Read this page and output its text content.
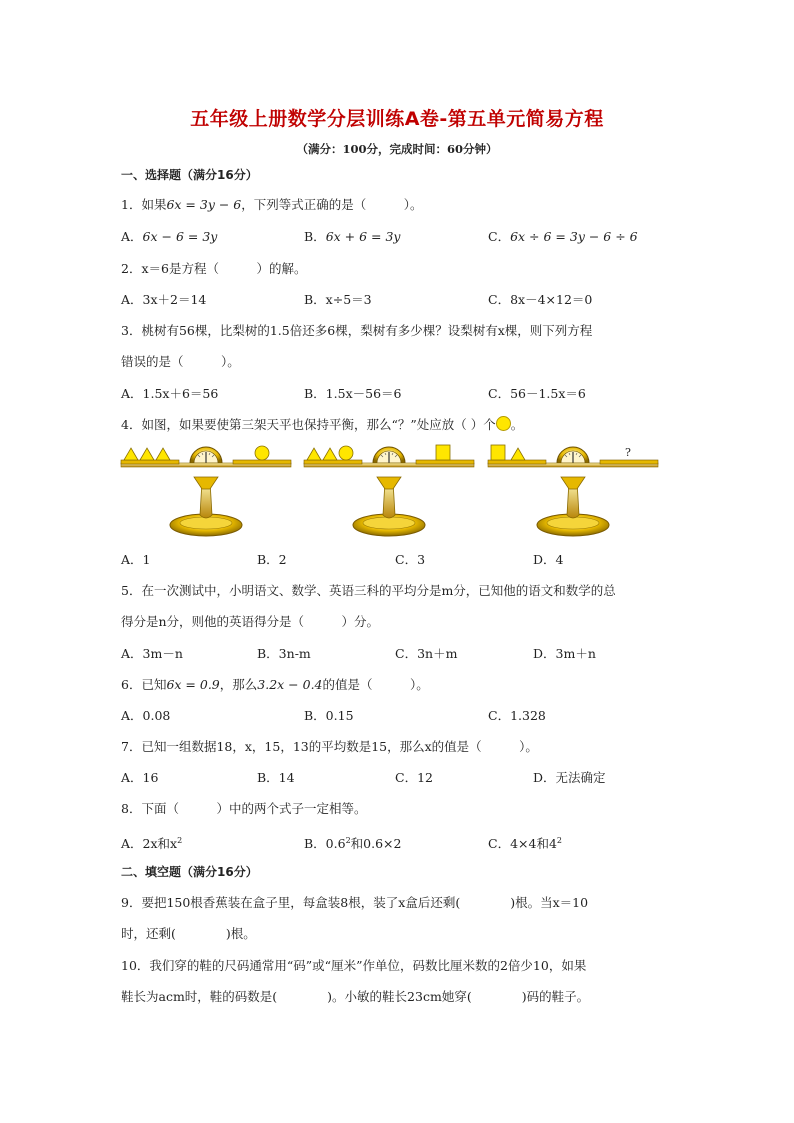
五年级上册数学分层训练A卷-第五单元简易方程
（满分：100分，完成时间：60分钟）
一、选择题（满分16分）
1．如果6x = 3y − 6，下列等式正确的是（　　　）。
A．6x − 6 = 3y	B．6x + 6 = 3y	C．6x ÷ 6 = 3y − 6 ÷ 6
2．x＝6是方程（　　　）的解。
A．3x＋2＝14	B．x÷5＝3	C．8x－4×12＝0
3．桃树有56棵，比梨树的1.5倍还多6棵，梨树有多少棵？设梨树有x棵，则下列方程
错误的是（　　　）。
A．1.5x＋6＝56	B．1.5x－56＝6	C．56－1.5x＝6
4．如图，如果要使第三架天平也保持平衡，那么“？”处应放（ ）个 。
?
A．1	B．2	C．3	D．4
5．在一次测试中，小明语文、数学、英语三科的平均分是m分，已知他的语文和数学的总
得分是n分，则他的英语得分是（　　　）分。
A．3m－n	B．3n-m	C．3n＋m	D．3m＋n
6．已知6x = 0.9，那么3.2x − 0.4的值是（　　　）。
A．0.08	B．0.15	C．1.328
7．已知一组数据18，x，15，13的平均数是15，那么x的值是（　　　）。
A．16	B．14	C．12	D．无法确定
8．下面（　　　）中的两个式子一定相等。
A．2x和$x^2$	B．$0.6^2$和0.6×2	C．4×4和$4^2$
二、填空题（满分16分）
9．要把150根香蕉装在盒子里，每盒装8根，装了x盒后还剩(　　　　)根。当x＝10
时，还剩(　　　　)根。
10．我们穿的鞋的尺码通常用“码”或“厘米”作单位，码数比厘米数的2倍少10，如果
鞋长为acm时，鞋的码数是(　　　　)。小敏的鞋长23cm她穿(　　　　)码的鞋子。
